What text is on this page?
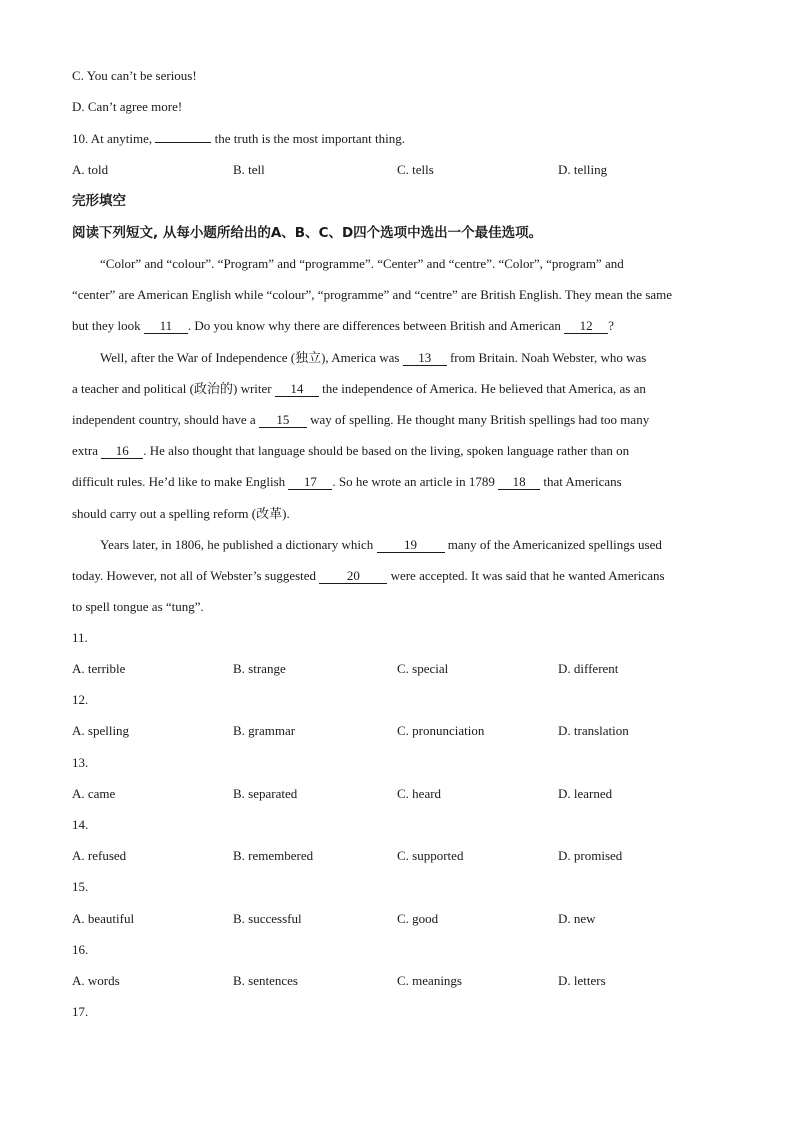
C. You can’t be serious!
D. Can’t agree more!
10. At anytime,	the truth is the most important thing.
A. told	B. tell	C. tells	D. telling
完形填空
阅读下列短文, 从每小题所给出的A、B、C、D四个选项中选出一个最佳选项。
“Color” and “colour”. “Program” and “programme”. “Center” and “centre”. “Color”, “program” and
“center” are American English while “colour”, “programme” and “centre” are British English. They mean the same
but they look 11 . Do you know why there are differences between British and American 12 ?
Well, after the War of Independence (独立), America was 13 from Britain. Noah Webster, who was
a teacher and political (政治的) writer 14 the independence of America. He believed that America, as an
independent country, should have a 15 way of spelling. He thought many British spellings had too many
extra 16 . He also thought that language should be based on the living, spoken language rather than on
difficult rules. He’d like to make English 17 . So he wrote an article in 1789 18 that Americans
should carry out a spelling reform (改革).
Years later, in 1806, he published a dictionary which 19 many of the Americanized spellings used
today. However, not all of Webster’s suggested 20 were accepted. It was said that he wanted Americans
to spell tongue as “tung”.
11.
A. terrible	B. strange	C. special	D. different
12.
A. spelling	B. grammar	C. pronunciation	D. translation
13.
A. came	B. separated	C. heard	D. learned
14.
A. refused	B. remembered	C. supported	D. promised
15.
A. beautiful	B. successful	C. good	D. new
16.
A. words	B. sentences	C. meanings	D. letters
17.
